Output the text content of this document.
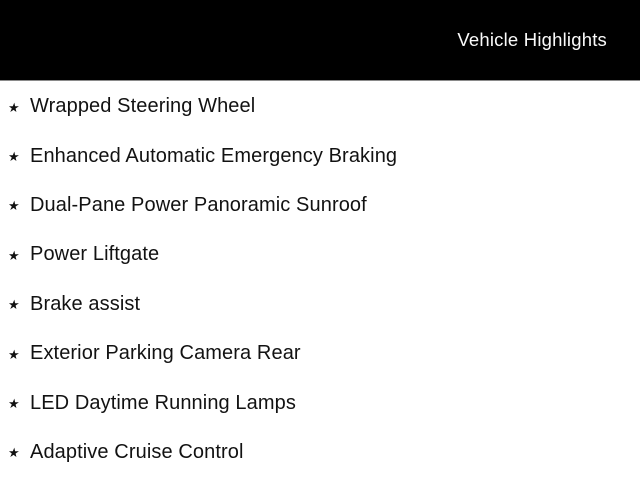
Vehicle Highlights
★ Wrapped Steering Wheel
★ Enhanced Automatic Emergency Braking
★ Dual-Pane Power Panoramic Sunroof
★ Power Liftgate
★ Brake assist
★ Exterior Parking Camera Rear
★ LED Daytime Running Lamps
★ Adaptive Cruise Control
